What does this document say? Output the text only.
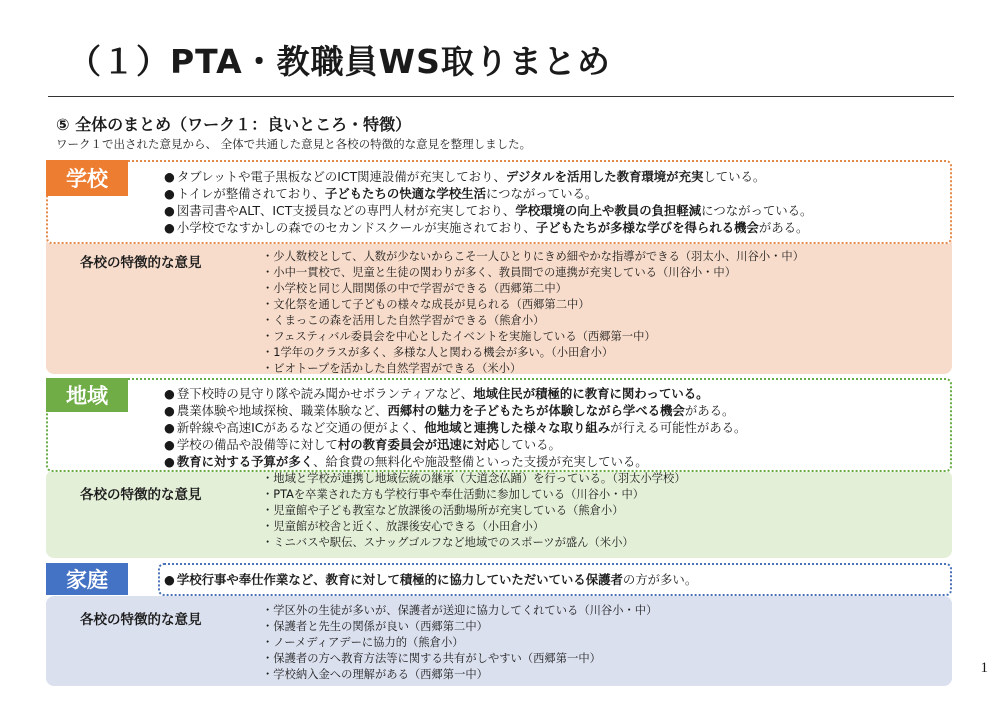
（１）PTA・教職員WS取りまとめ
⑤ 全体のまとめ（ワーク１：良いところ・特徴）
ワーク１で出された意見から、 全体で共通した意見と各校の特徴的な意見を整理しました。
学校	● タブレットや電子黒板などのICT関連設備が充実しており、デジタルを活用した教育環境が充実している。
● トイレが整備されており、子どもたちの快適な学校生活につながっている。
● 図書司書やALT、ICT支援員などの専門人材が充実しており、学校環境の向上や教員の負担軽減につながっている。
● 小学校でなすかしの森でのセカンドスクールが実施されており、子どもたちが多様な学びを得られる機会がある。
各校の特徴的な意見	・少人数校として、人数が少ないからこそ一人ひとりにきめ細やかな指導ができる（羽太小、川谷小・中）
・小中一貫校で、児童と生徒の関わりが多く、教員間での連携が充実している（川谷小・中）
・小学校と同じ人間関係の中で学習ができる（西郷第二中）
・文化祭を通して子どもの様々な成長が見られる（西郷第二中）
・くまっこの森を活用した自然学習ができる（熊倉小）
・フェスティバル委員会を中心としたイベントを実施している（西郷第一中）
・1学年のクラスが多く、多様な人と関わる機会が多い。（小田倉小）
・ビオトープを活かした自然学習ができる（米小）
・地域と学校が連携し地域伝統の継承（大道念仏踊）を行っている。（羽太小学校）
・PTAを卒業された方も学校行事や奉仕活動に参加している（川谷小・中）
・児童館や子ども教室など放課後の活動場所が充実している（熊倉小）
・児童館が校舎と近く、放課後安心できる（小田倉小）
・ミニバスや駅伝、スナッグゴルフなど地域でのスポーツが盛ん（米小）
地域	● 登下校時の見守り隊や読み聞かせボランティアなど、地域住民が積極的に教育に関わっている。
● 農業体験や地域探検、職業体験など、西郷村の魅力を子どもたちが体験しながら学べる機会がある。
● 新幹線や高速ICがあるなど交通の便がよく、他地域と連携した様々な取り組みが行える可能性がある。
● 学校の備品や設備等に対して村の教育委員会が迅速に対応している。
● 教育に対する予算が多く、給食費の無料化や施設整備といった支援が充実している。
各校の特徴的な意見
家庭	● 学校行事や奉仕作業など、教育に対して積極的に協力していただいている保護者の方が多い。
各校の特徴的な意見
・学区外の生徒が多いが、保護者が送迎に協力してくれている（川谷小・中）
・保護者と先生の関係が良い（西郷第二中）
・ノーメディアデーに協力的（熊倉小）
・保護者の方へ教育方法等に関する共有がしやすい（西郷第一中）
・学校納入金への理解がある（西郷第一中）	1
